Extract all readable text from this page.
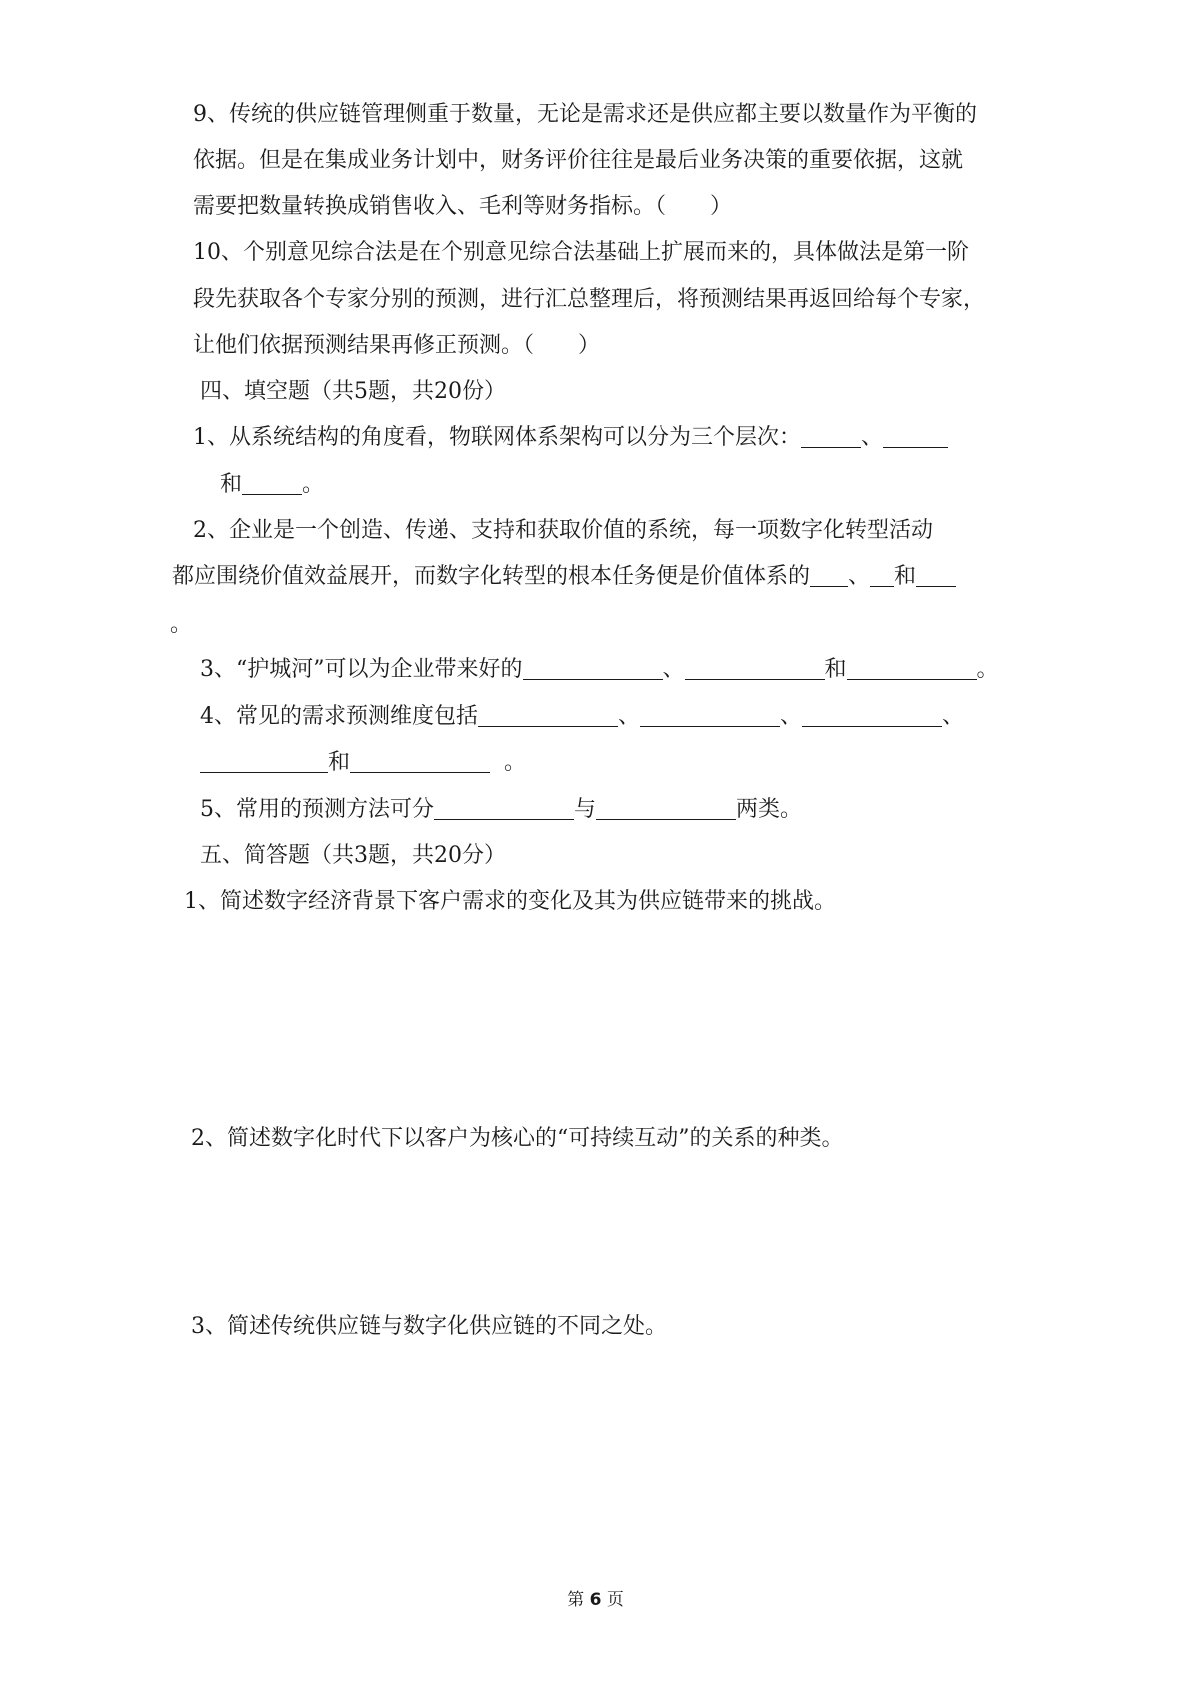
9、传统的供应链管理侧重于数量，无论是需求还是供应都主要以数量作为平衡的
依据。但是在集成业务计划中，财务评价往往是最后业务决策的重要依据，这就
需要把数量转换成销售收入、毛利等财务指标。（　　）
10、个别意见综合法是在个别意见综合法基础上扩展而来的，具体做法是第一阶
段先获取各个专家分别的预测，进行汇总整理后，将预测结果再返回给每个专家，
让他们依据预测结果再修正预测。（　　）
四、填空题（共5题，共20份）
1、从系统结构的角度看，物联网体系架构可以分为三个层次：	、
和	。
2、企业是一个创造、传递、支持和获取价值的系统，每一项数字化转型活动
都应围绕价值效益展开，而数字化转型的根本任务便是价值体系的 、 和
。
3、“护城河”可以为企业带来好的	、	和	。
4、常见的需求预测维度包括	、	、	、
和	。
5、常用的预测方法可分	与	两类。
五、简答题（共3题，共20分）
1、简述数字经济背景下客户需求的变化及其为供应链带来的挑战。
2、简述数字化时代下以客户为核心的“可持续互动”的关系的种类。
3、简述传统供应链与数字化供应链的不同之处。
第 6 页
